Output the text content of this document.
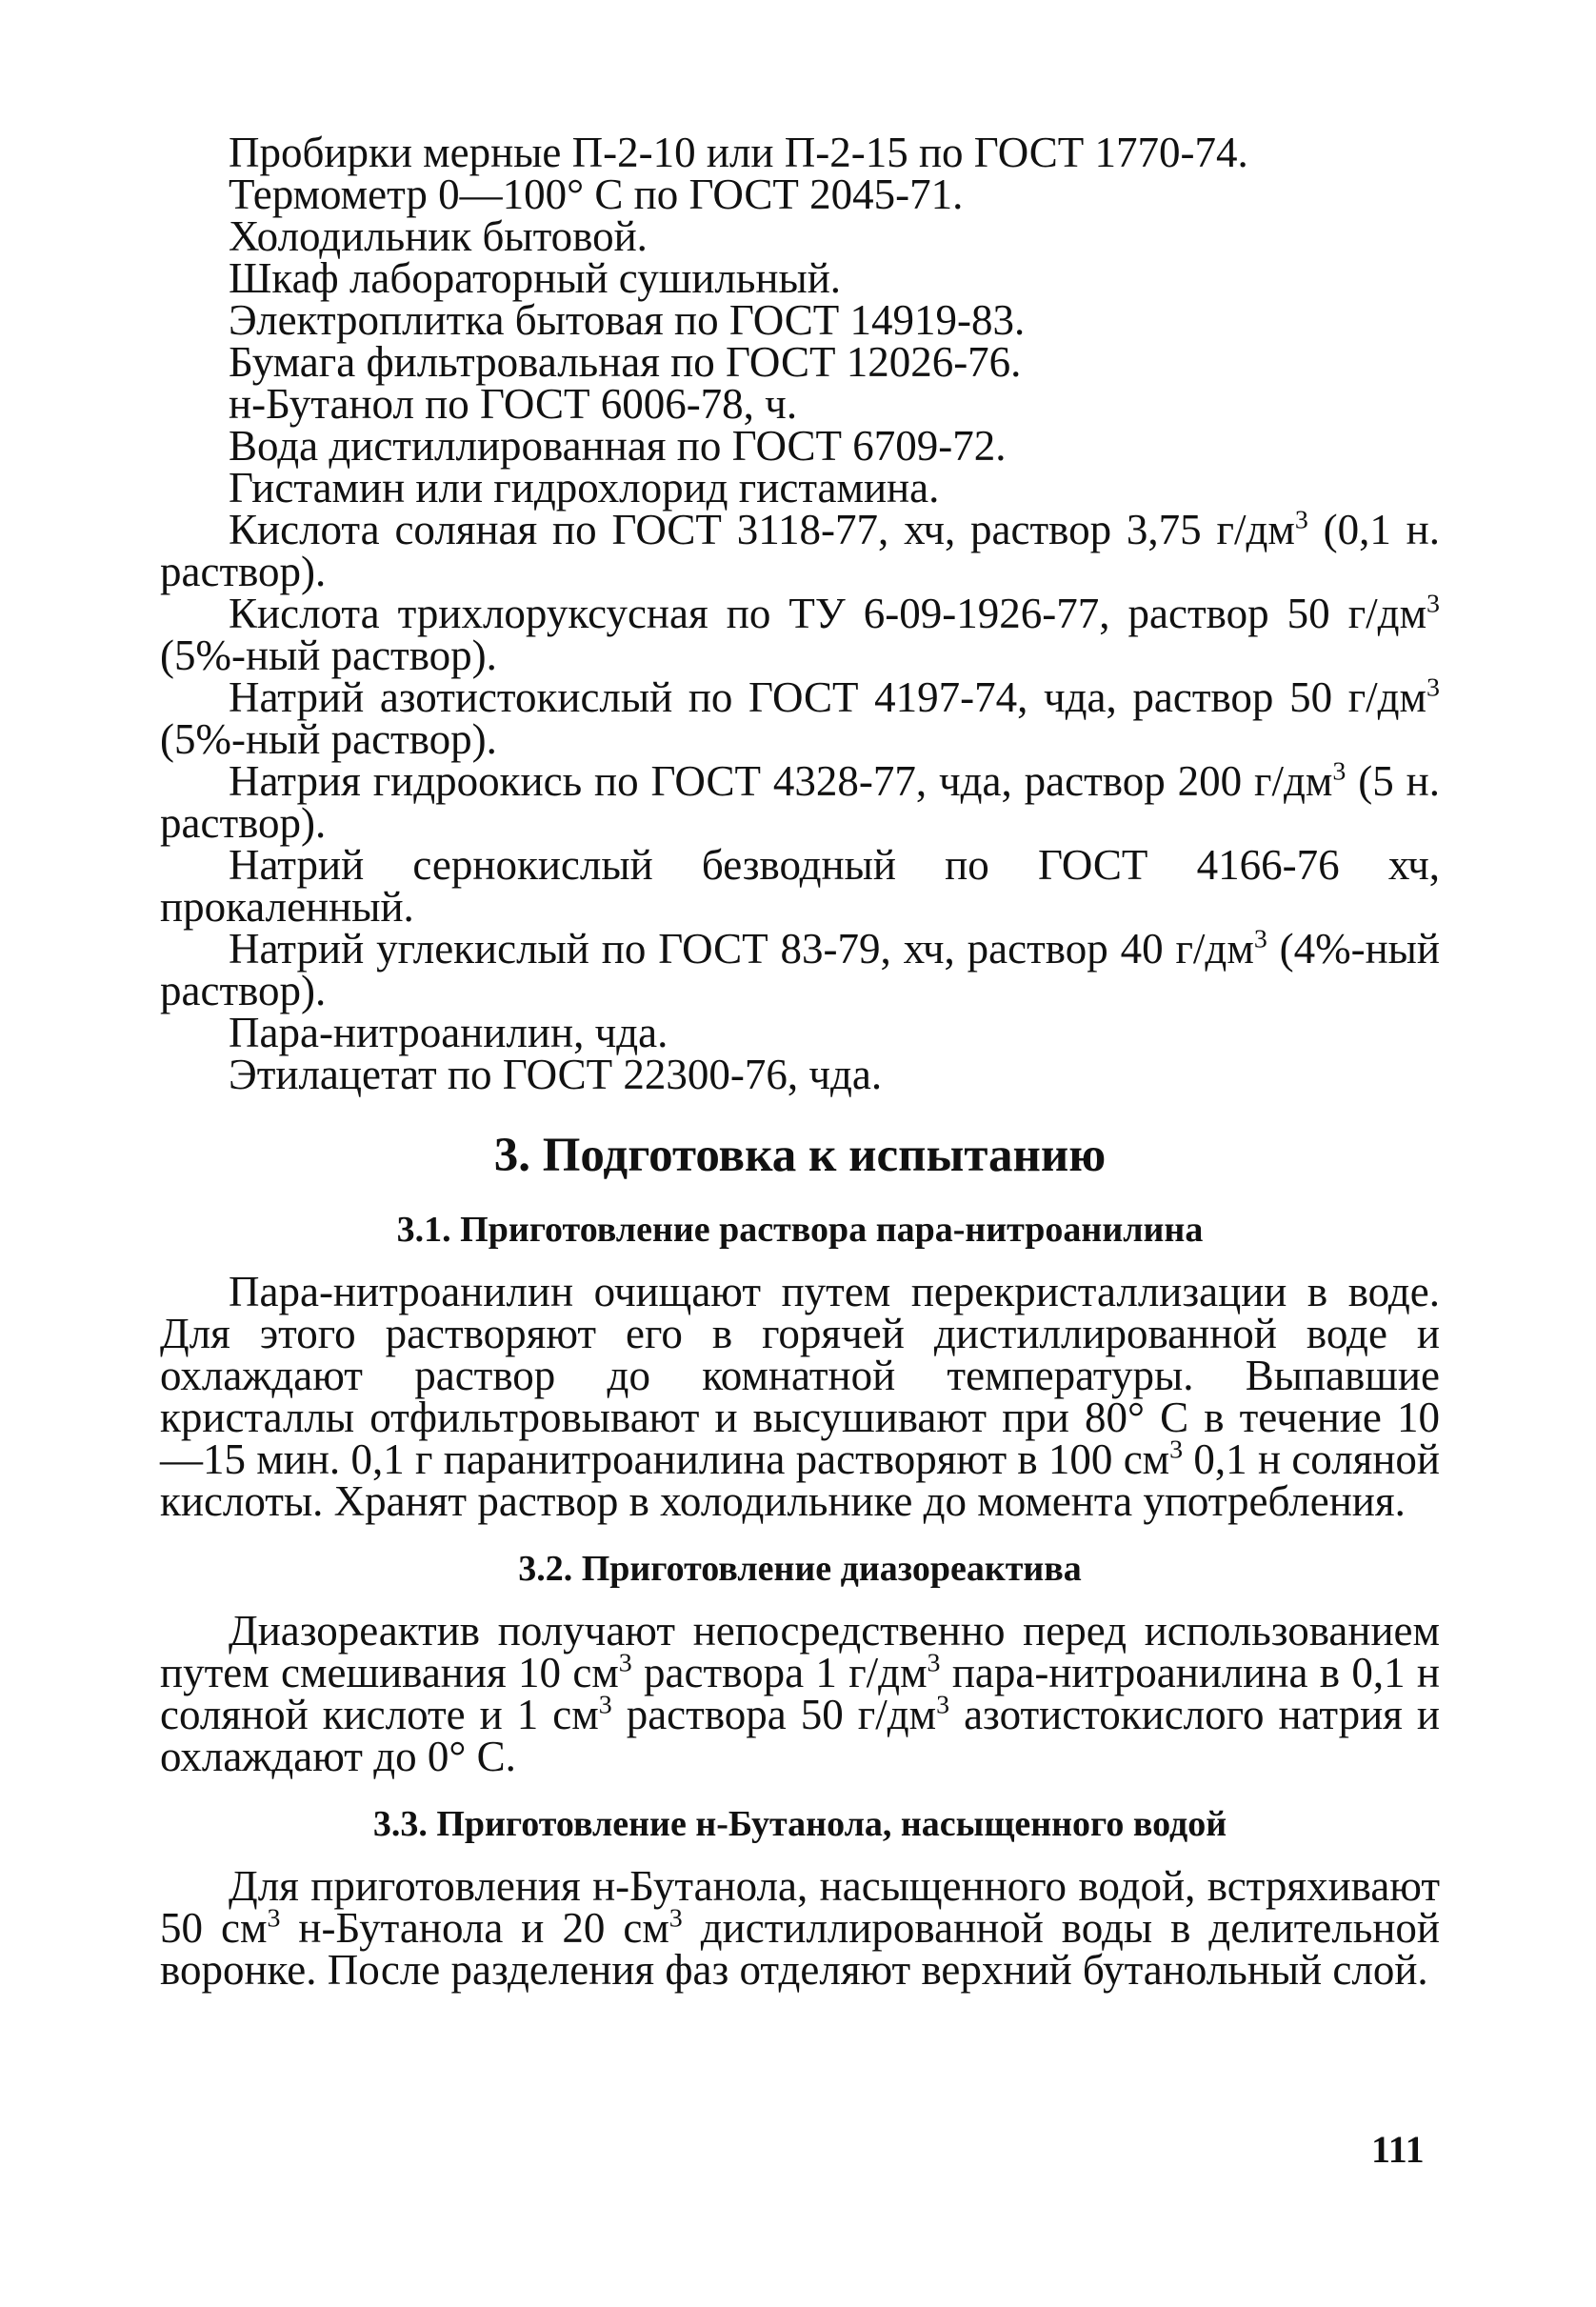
Пробирки мерные П-2-10 или П-2-15 по ГОСТ 1770-74.

Термометр 0—100° С по ГОСТ 2045-71.

Холодильник бытовой.

Шкаф лабораторный сушильный.

Электроплитка бытовая по ГОСТ 14919-83.

Бумага фильтровальная по ГОСТ 12026-76.

н-Бутанол по ГОСТ 6006-78, ч.

Вода дистиллированная по ГОСТ 6709-72.

Гистамин или гидрохлорид гистамина.

Кислота соляная по ГОСТ 3118-77, хч, раствор 3,75 $г/дм^3$ (0,1 н. раствор).

Кислота трихлоруксусная по ТУ 6-09-1926-77, раствор 50 $г/дм^3$ (5%-ный раствор).

Натрий азотистокислый по ГОСТ 4197-74, чда, раствор 50 $г/дм^3$ (5%-ный раствор).

Натрия гидроокись по ГОСТ 4328-77, чда, раствор 200 $г/дм^3$ (5 н. раствор).

Натрий сернокислый безводный по ГОСТ 4166-76 хч, прокаленный.

Натрий углекислый по ГОСТ 83-79, хч, раствор 40 $г/дм^3$ (4%-ный раствор).

Пара-нитроанилин, чда.

Этилацетат по ГОСТ 22300-76, чда.

3. Подготовка к испытанию
3.1. Приготовление раствора пара-нитроанилина

Пара-нитроанилин очищают путем перекристаллизации в воде. Для этого растворяют его в горячей дистиллированной воде и охлаждают раствор до комнатной температуры. Выпавшие кристаллы отфильтровывают и высушивают при 80° С в течение 10—15 мин. 0,1 г паранитроанилина растворяют в 100 $см^3$ 0,1 н соляной кислоты. Хранят раствор в холодильнике до момента употребления.

3.2. Приготовление диазореактива

Диазореактив получают непосредственно перед использованием путем смешивания 10 $см^3$ раствора 1 $г/дм^3$ пара-нитроанилина в 0,1 н соляной кислоте и 1 $см^3$ раствора 50 $г/дм^3$ азотистокислого натрия и охлаждают до 0° С.

3.3. Приготовление н-Бутанола, насыщенного водой

Для приготовления н-Бутанола, насыщенного водой, встряхивают 50 $см^3$ н-Бутанола и 20 $см^3$ дистиллированной воды в делительной воронке. После разделения фаз отделяют верхний бутанольный слой.

111
